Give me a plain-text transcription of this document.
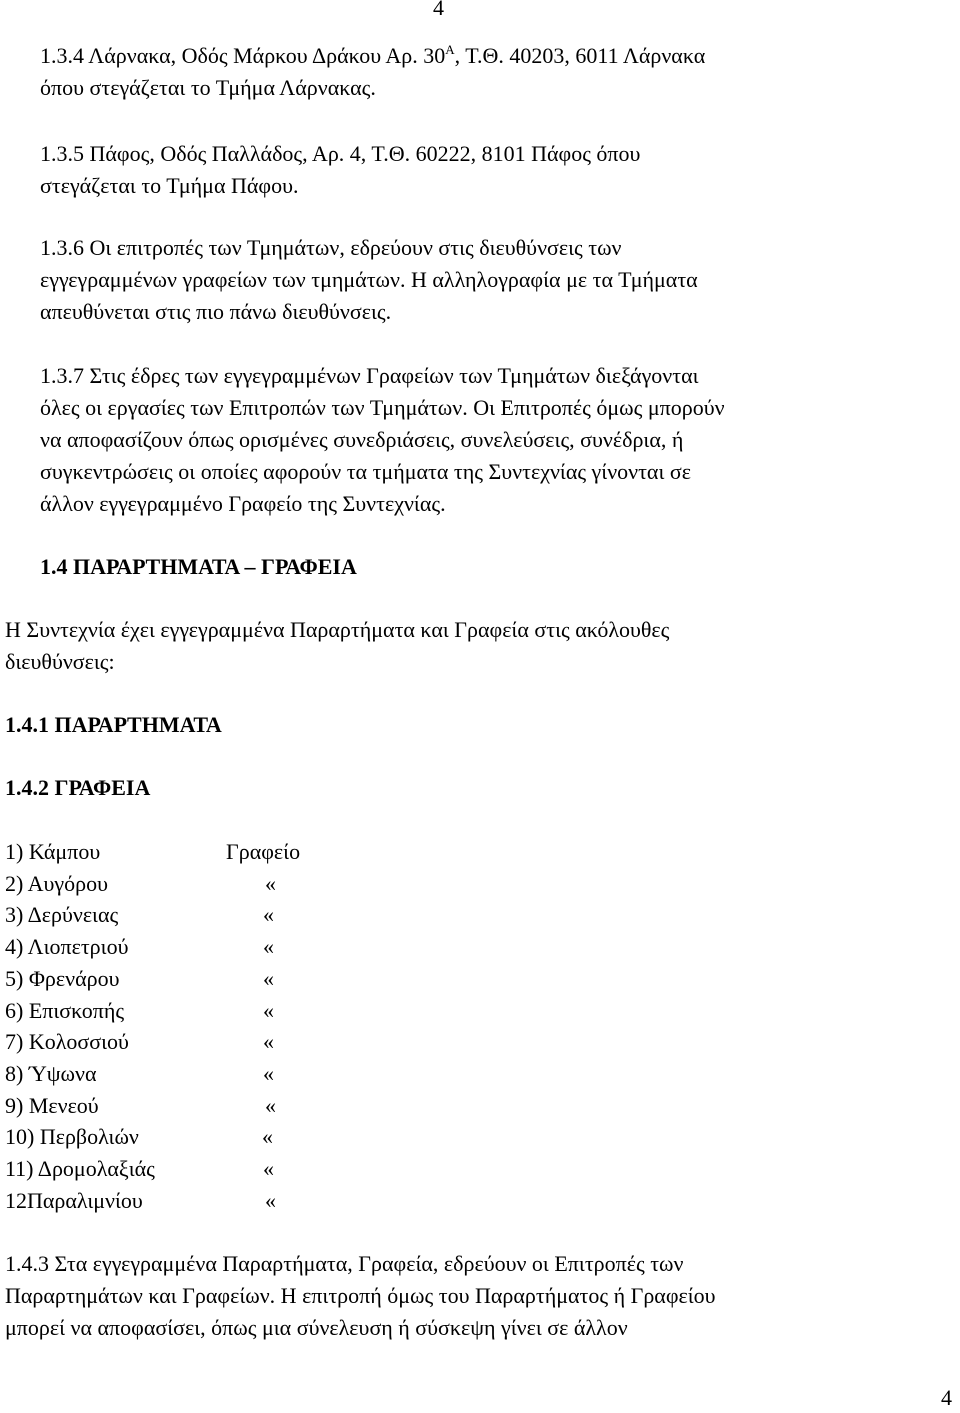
4
1.3.4 Λάρνακα, Οδός Μάρκου Δράκου Αρ. $30^A$, Τ.Θ. 40203, 6011 Λάρνακα
όπου στεγάζεται το Τμήμα Λάρνακας.
1.3.5 Πάφος, Οδός Παλλάδος, Αρ. 4, Τ.Θ. 60222, 8101 Πάφος όπου
στεγάζεται το Τμήμα Πάφου.
1.3.6 Οι επιτροπές των Τμημάτων, εδρεύουν στις διευθύνσεις των
εγγεγραμμένων γραφείων των τμημάτων. Η αλληλογραφία με τα Τμήματα
απευθύνεται στις πιο πάνω διευθύνσεις.
1.3.7 Στις έδρες των εγγεγραμμένων Γραφείων των Τμημάτων διεξάγονται
όλες οι εργασίες των Επιτροπών των Τμημάτων. Οι Επιτροπές όμως μπορούν
να αποφασίζουν όπως ορισμένες συνεδριάσεις, συνελεύσεις, συνέδρια, ή
συγκεντρώσεις οι οποίες αφορούν τα τμήματα της Συντεχνίας γίνονται σε
άλλον εγγεγραμμένο Γραφείο της Συντεχνίας.
1.4 ΠΑΡΑΡΤΗΜΑΤΑ – ΓΡΑΦΕΙΑ
Η Συντεχνία έχει εγγεγραμμένα Παραρτήματα και Γραφεία στις ακόλουθες
διευθύνσεις:
1.4.1 ΠΑΡΑΡΤΗΜΑΤΑ
1.4.2 ΓΡΑΦΕΙΑ
1) Κάμπου	Γραφείο
2) Αυγόρου	«
3) Δερύνειας	«
4) Λιοπετριού	«
5) Φρενάρου	«
6) Επισκοπής	«
7) Κολοσσιού	«
8) Ύψωνα	«
9) Μενεού	«
10) Περβολιών	«
11) Δρομολαξιάς	«
12Παραλιμνίου	«
1.4.3 Στα εγγεγραμμένα Παραρτήματα, Γραφεία, εδρεύουν οι Επιτροπές των
Παραρτημάτων και Γραφείων. Η επιτροπή όμως του Παραρτήματος ή Γραφείου
μπορεί να αποφασίσει, όπως μια σύνελευση ή σύσκεψη γίνει σε άλλον
4
